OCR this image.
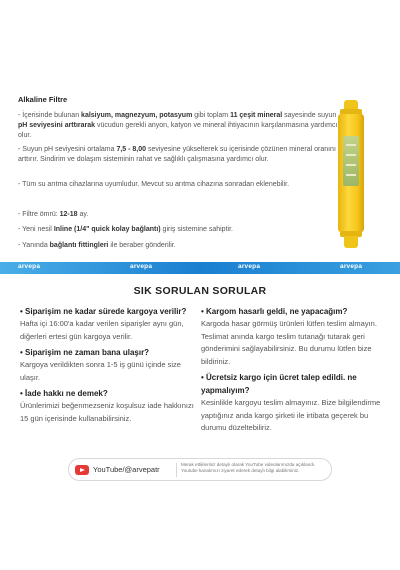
Alkaline Filtre
- İçerisinde bulunan kalsiyum, magnezyum, potasyum gibi toplam 11 çeşit mineral sayesinde suyun pH seviyesini arttırarak vücudun gerekli anyon, katyon ve mineral ihtiyacının karşılanmasına yardımcı olur.
- Suyun pH seviyesini ortalama 7,5 - 8,00 seviyesine yükselterek su içerisinde çözünen mineral oranını arttırır. Sindirim ve dolaşım sisteminin rahat ve sağlıklı çalışmasına yardımcı olur.
- Tüm su arıtma cihazlarına uyumludur. Mevcut su arıtma cihazına sonradan eklenebilir.
- Filtre ömrü: 12-18 ay.
- Yeni nesil Inline (1/4" quick kolay bağlantı) giriş sistemine sahiptir.
- Yanında bağlantı fittingleri ile beraber gönderilir.
arvepa	arvepa	arvepa	arvepa
SIK SORULAN SORULAR
• Siparişim ne kadar sürede kargoya verilir?
Hafta içi 16:00'a kadar verilen siparişler aynı gün, diğerleri ertesi gün kargoya verilir.
• Siparişim ne zaman bana ulaşır?
Kargoya verildikten sonra 1-5 iş günü içinde size ulaşır.
• İade hakkı ne demek?
Ürünlerimizi beğenmezseniz koşulsuz iade hakkınızı 15 gün içerisinde kullanabilirsiniz.
• Kargom hasarlı geldi, ne yapacağım?
Kargoda hasar görmüş ürünleri lütfen teslim almayın. Teslimat anında kargo teslim tutanağı tutarak geri gönderimini sağlayabilirsiniz. Bu durumu lütfen bize bildiriniz.
• Ücretsiz kargo için ücret talep edildi. ne yapmalıyım?
Kesinlikle kargoyu teslim almayınız. Bize bilgilendirme yaptığınız anda kargo şirketi ile irtibata geçerek bu durumu düzeltebiliriz.
YouTube/@arvepatr
Merak ettikleriniz detaylı olarak YouTube videolarımızda açıklandı. Youtube kanalımızı ziyaret ederek detaylı bilgi alabilirsiniz.
